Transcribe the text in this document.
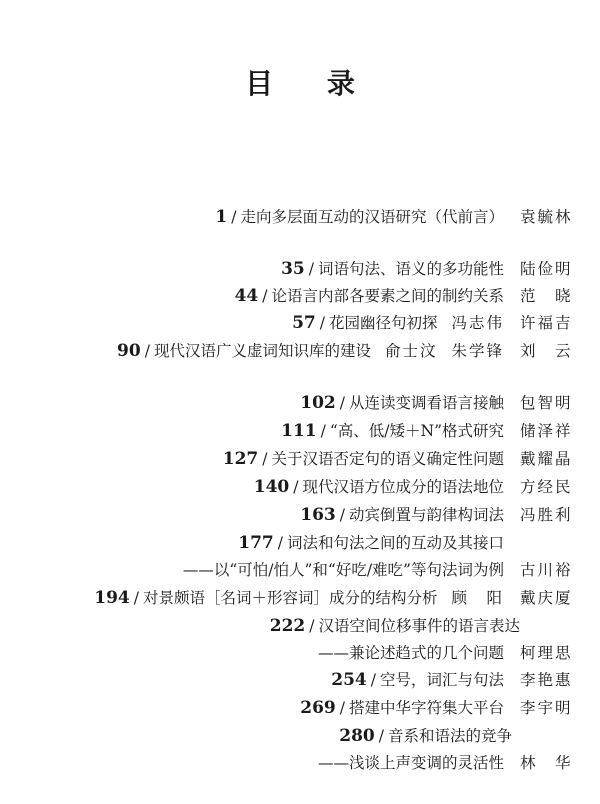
目 录
1 / 走向多层面互动的汉语研究（代前言） 袁毓林
35 / 词语句法、语义的多功能性 陆俭明
44 / 论语言内部各要素之间的制约关系 范　晓
57 / 花园幽径句初探 冯志伟 许福吉
90 / 现代汉语广义虚词知识库的建设 俞士汶 朱学锋 刘　云
102 / 从连读变调看语言接触 包智明
111 / “高、低/矮＋N”格式研究 储泽祥
127 / 关于汉语否定句的语义确定性问题 戴耀晶
140 / 现代汉语方位成分的语法地位 方经民
163 / 动宾倒置与韵律构词法 冯胜利
177 / 词法和句法之间的互动及其接口
——以“可怕/怕人”和“好吃/难吃”等句法词为例 古川裕
194 / 对景颇语［名词＋形容词］成分的结构分析 顾　阳 戴庆厦
222 / 汉语空间位移事件的语言表达
——兼论述趋式的几个问题 柯理思
254 / 空号，词汇与句法 李艳惠
269 / 搭建中华字符集大平台 李宇明
280 / 音系和语法的竞争
——浅谈上声变调的灵活性 林　华
